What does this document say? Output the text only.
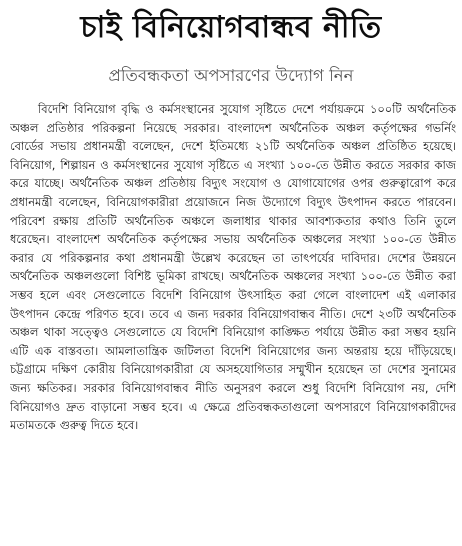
চাই বিনিয়োগবান্ধব নীতি
প্রতিবন্ধকতা অপসারণের উদ্যোগ নিন

বিদেশি বিনিয়োগ বৃদ্ধি ও কর্মসংস্থানের সুযোগ সৃষ্টিতে দেশে পর্যায়ক্রমে ১০০টি অর্থনৈতিক অঞ্চল প্রতিষ্ঠার পরিকল্পনা নিয়েছে সরকার। বাংলাদেশ অর্থনৈতিক অঞ্চল কর্তৃপক্ষের গভর্নিং বোর্ডের সভায় প্রধানমন্ত্রী বলেছেন, দেশে ইতিমধ্যে ২১টি অর্থনৈতিক অঞ্চল প্রতিষ্ঠিত হয়েছে। বিনিয়োগ, শিল্পায়ন ও কর্মসংস্থানের সুযোগ সৃষ্টিতে এ সংখ্যা ১০০-তে উন্নীত করতে সরকার কাজ করে যাচ্ছে। অর্থনৈতিক অঞ্চল প্রতিষ্ঠায় বিদ্যুৎ সংযোগ ও যোগাযোগের ওপর গুরুত্বারোপ করে প্রধানমন্ত্রী বলেছেন, বিনিয়োগকারীরা প্রয়োজনে নিজ উদ্যোগে বিদ্যুৎ উৎপাদন করতে পারবেন। পরিবেশ রক্ষায় প্রতিটি অর্থনৈতিক অঞ্চলে জলাধার থাকার আবশ্যকতার কথাও তিনি তুলে ধরেছেন। বাংলাদেশ অর্থনৈতিক কর্তৃপক্ষের সভায় অর্থনৈতিক অঞ্চলের সংখ্যা ১০০-তে উন্নীত করার যে পরিকল্পনার কথা প্রধানমন্ত্রী উল্লেখ করেছেন তা তাৎপর্যের দাবিদার। দেশের উন্নয়নে অর্থনৈতিক অঞ্চলগুলো বিশিষ্ট ভূমিকা রাখছে। অর্থনৈতিক অঞ্চলের সংখ্যা ১০০-তে উন্নীত করা সম্ভব হলে এবং সেগুলোতে বিদেশি বিনিয়োগ উৎসাহিত করা গেলে বাংলাদেশ এই এলাকার উৎপাদন কেন্দ্রে পরিণত হবে। তবে এ জন্য দরকার বিনিয়োগবান্ধব নীতি। দেশে ২৩টি অর্থনৈতিক অঞ্চল থাকা সত্ত্বেও সেগুলোতে যে বিদেশি বিনিয়োগ কাঙ্ক্ষিত পর্যায়ে উন্নীত করা সম্ভব হয়নি এটি এক বাস্তবতা। আমলাতান্ত্রিক জটিলতা বিদেশি বিনিয়োগের জন্য অন্তরায় হয়ে দাঁড়িয়েছে। চট্টগ্রামে দক্ষিণ কোরীয় বিনিয়োগকারীরা যে অসহযোগিতার সম্মুখীন হয়েছেন তা দেশের সুনামের জন্য ক্ষতিকর। সরকার বিনিয়োগবান্ধব নীতি অনুসরণ করলে শুধু বিদেশি বিনিয়োগ নয়, দেশি বিনিয়োগও দ্রুত বাড়ানো সম্ভব হবে। এ ক্ষেত্রে প্রতিবন্ধকতাগুলো অপসারণে বিনিয়োগকারীদের মতামতকে গুরুত্ব দিতে হবে।
